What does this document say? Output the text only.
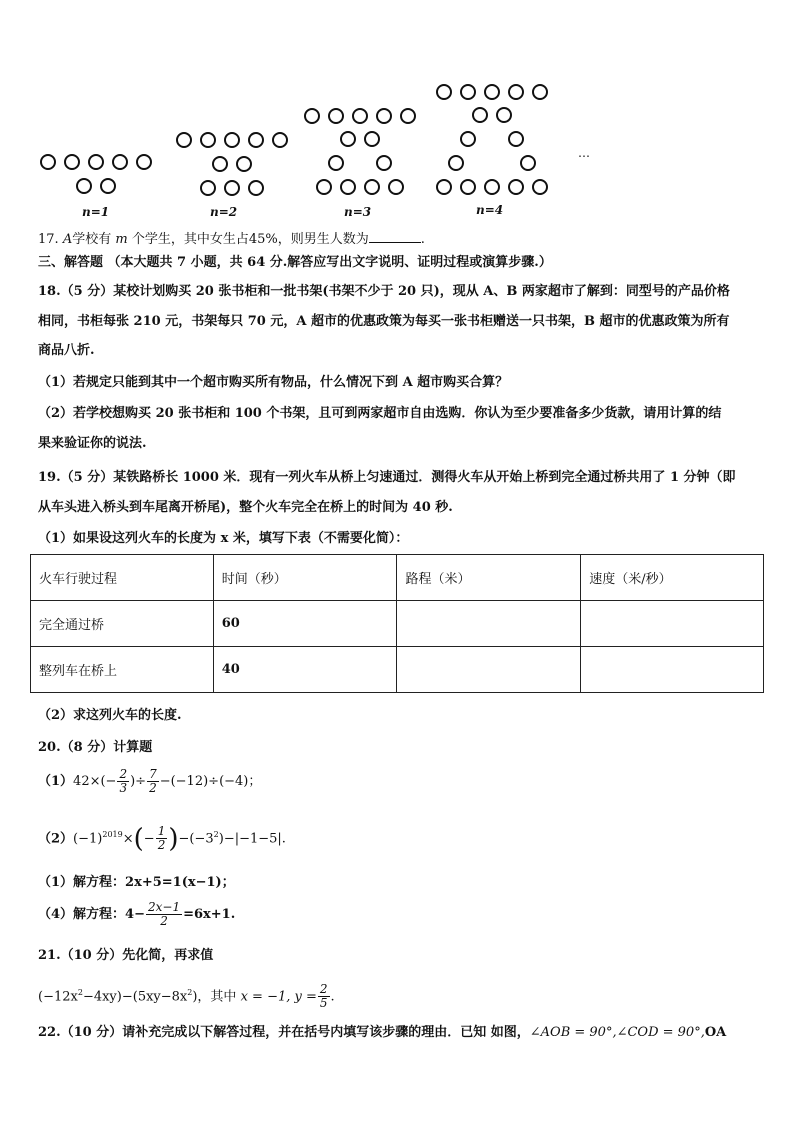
n=1	n=2	n=3	n=4
…
17. A学校有 m 个学生，其中女生占45%，则男生人数为	.
三、解答题 （本大题共 7 小题，共 64 分.解答应写出文字说明、证明过程或演算步骤.）
18.（5 分）某校计划购买 20 张书柜和一批书架(书架不少于 20 只)，现从 A、B 两家超市了解到：同型号的产品价格
相同，书柜每张 210 元，书架每只 70 元，A 超市的优惠政策为每买一张书柜赠送一只书架，B 超市的优惠政策为所有
商品八折.
（1）若规定只能到其中一个超市购买所有物品，什么情况下到 A 超市购买合算？
（2）若学校想购买 20 张书柜和 100 个书架，且可到两家超市自由选购．你认为至少要准备多少货款，请用计算的结
果来验证你的说法.
19.（5 分）某铁路桥长 1000 米．现有一列火车从桥上匀速通过．测得火车从开始上桥到完全通过桥共用了 1 分钟（即
从车头进入桥头到车尾离开桥尾)，整个火车完全在桥上的时间为 40 秒.
（1）如果设这列火车的长度为 x 米，填写下表（不需要化简）：
火车行驶过程	时间（秒）	路程（米）	速度（米/秒）
完全通过桥	60		
整列车在桥上	40		
（2）求这列火车的长度.
20.（8 分）计算题
$(1)42\times(- \frac{2}{3}$ )÷ $\frac{7}{2} -(-12)\div(-4)$；
$(2)(-1)^{2019}\times(- \frac{1}{2} )-(-3^2)-|-1-5|$.
（1）解方程：2x+5=1(x−1)；
（4）解方程：$4- \frac{2x-1}{2} =6x+1$.
21.（10 分）先化简，再求值
$(-12x^2-4xy)-(5xy-8x^2)$，其中 x = −1, $y = \frac{2}{5}$ .
22.（10 分）请补充完成以下解答过程，并在括号内填写该步骤的理由．已知 如图，∠AOB = 90°,∠COD = 90°,OA
